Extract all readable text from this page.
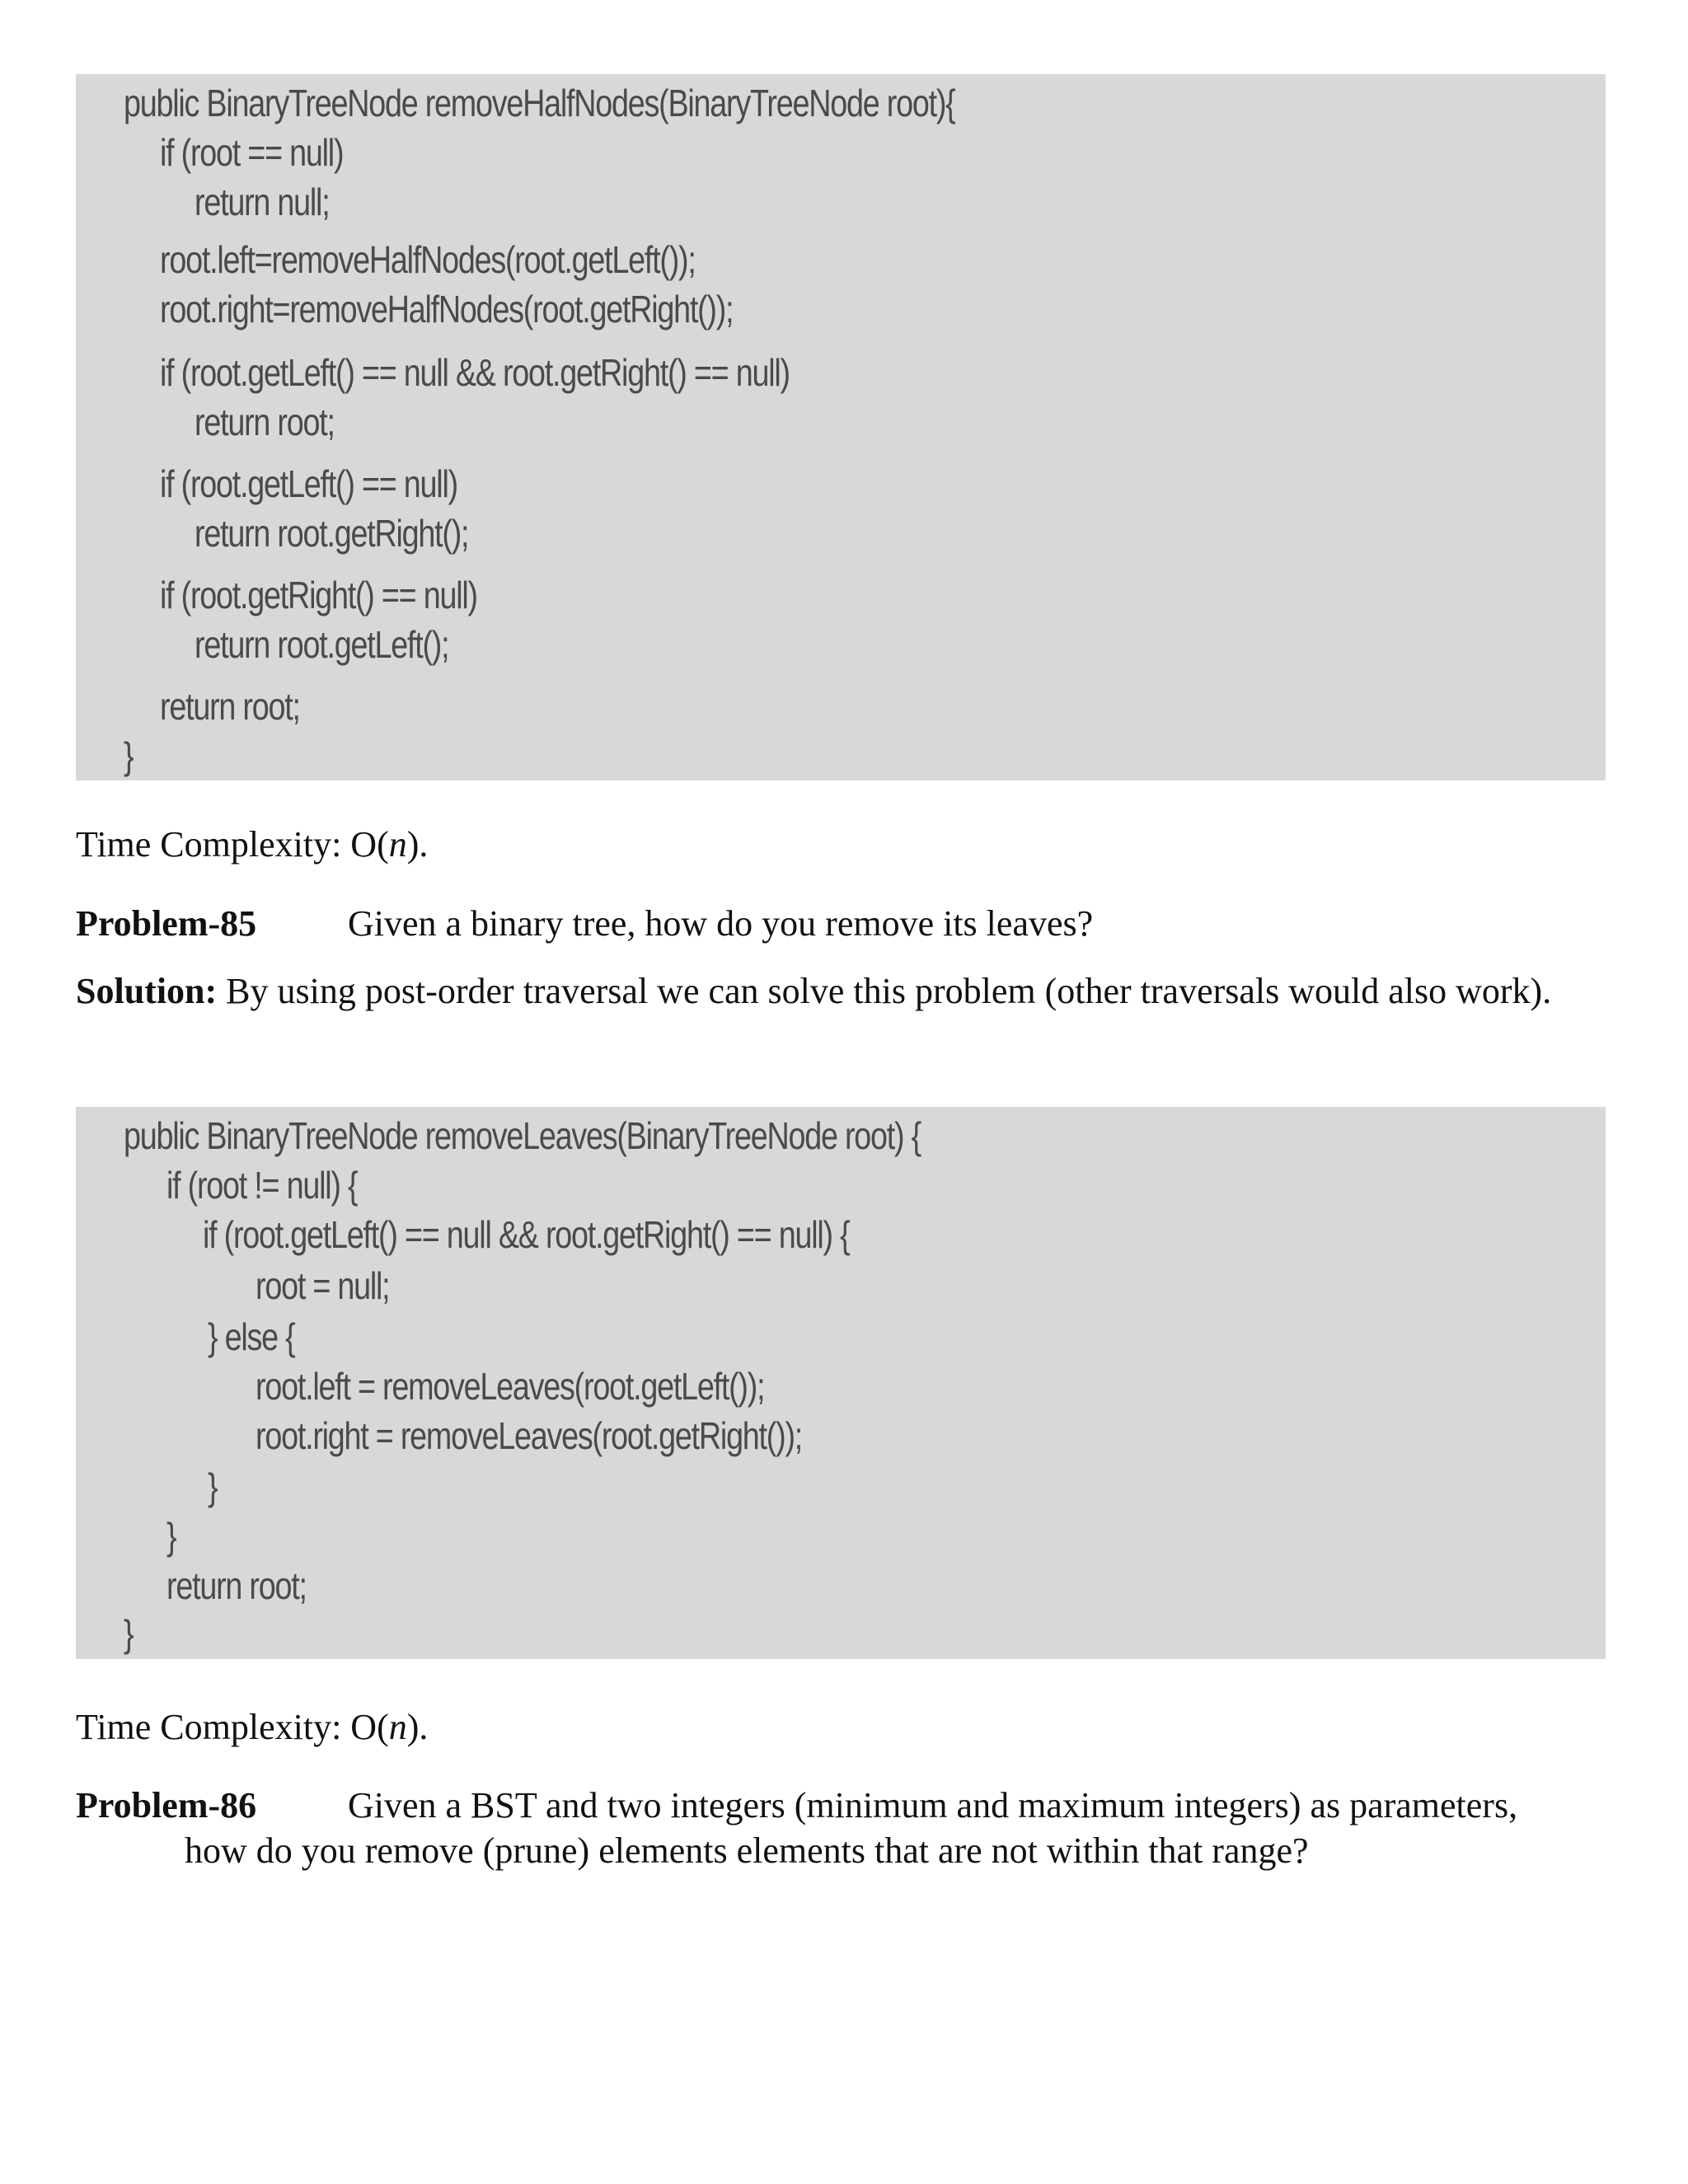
public BinaryTreeNode removeHalfNodes(BinaryTreeNode root){
if (root == null)
return null;
root.left=removeHalfNodes(root.getLeft());
root.right=removeHalfNodes(root.getRight());
if (root.getLeft() == null && root.getRight() == null)
return root;
if (root.getLeft() == null)
return root.getRight();
if (root.getRight() == null)
return root.getLeft();
return root;
}

Time Complexity: O(n).

Problem-85	Given a binary tree, how do you remove its leaves?

Solution: By using post-order traversal we can solve this problem (other traversals would also work).

public BinaryTreeNode removeLeaves(BinaryTreeNode root) {
if (root != null) {
if (root.getLeft() == null && root.getRight() == null) {
root = null;
} else {
root.left = removeLeaves(root.getLeft());
root.right = removeLeaves(root.getRight());
}
}
return root;
}

Time Complexity: O(n).

Problem-86	Given a BST and two integers (minimum and maximum integers) as parameters,

how do you remove (prune) elements elements that are not within that range?
